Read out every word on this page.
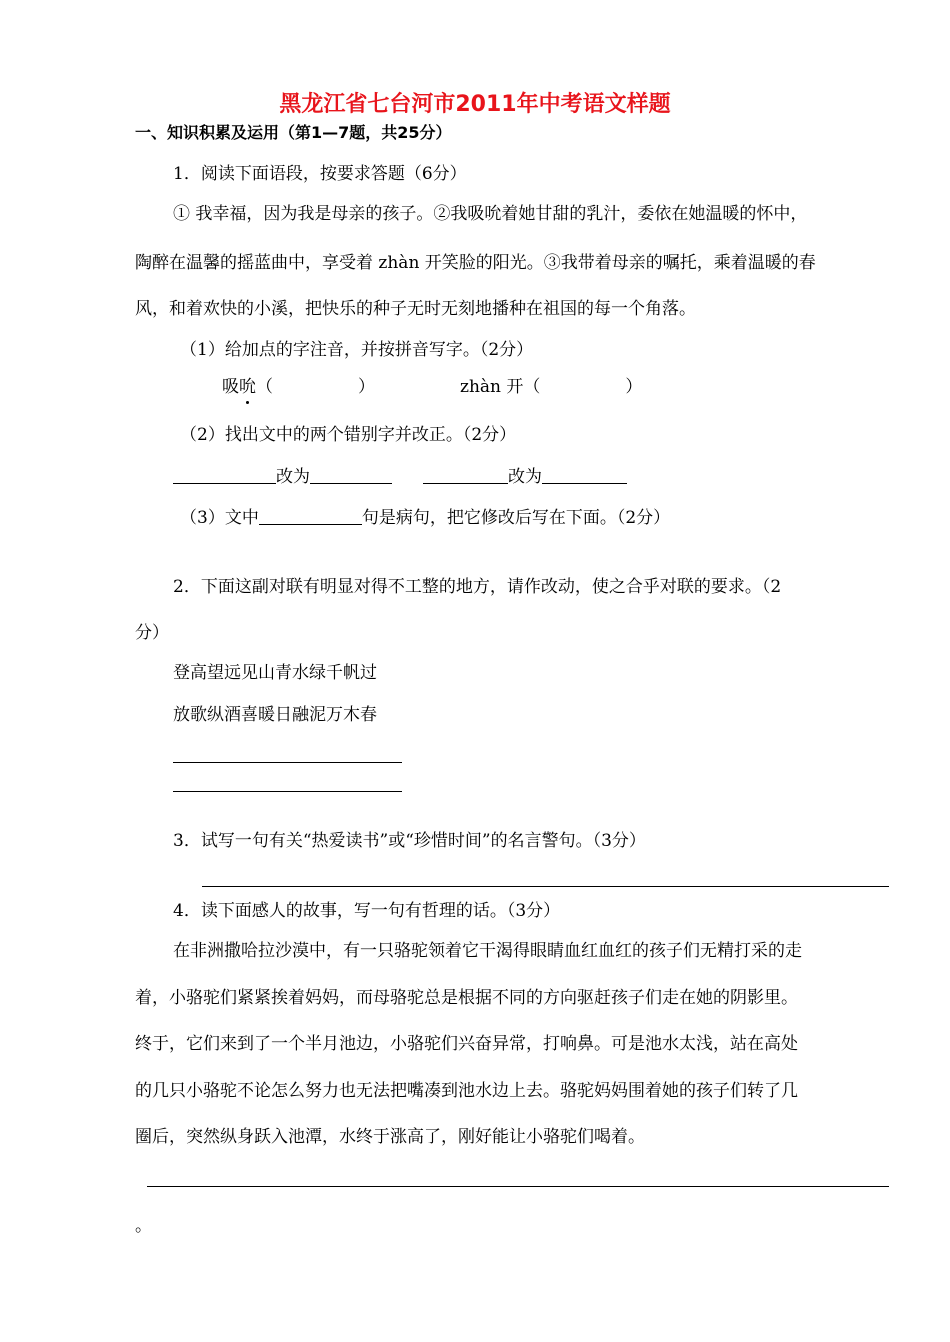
黑龙江省七台河市2011年中考语文样题
一、知识积累及运用（第1—7题，共25分）
1．阅读下面语段，按要求答题（6分）
① 我幸福，因为我是母亲的孩子。②我吸吮着她甘甜的乳汁，委依在她温暖的怀中，
陶醉在温馨的摇蓝曲中，享受着 zhàn 开笑脸的阳光。③我带着母亲的嘱托，乘着温暖的春
风，和着欢快的小溪，把快乐的种子无时无刻地播种在祖国的每一个角落。
（1）给加点的字注音，并按拼音写字。（2分）
吸吮（　　　　　）	zhàn 开（　　　　　）
（2）找出文中的两个错别字并改正。（2分）
改为	改为
（3）文中	句是病句，把它修改后写在下面。（2分）
2．下面这副对联有明显对得不工整的地方，请作改动，使之合乎对联的要求。（2
分）
登高望远见山青水绿千帆过
放歌纵酒喜暖日融泥万木春
3．试写一句有关“热爱读书”或“珍惜时间”的名言警句。（3分）
4．读下面感人的故事，写一句有哲理的话。（3分）
在非洲撒哈拉沙漠中，有一只骆驼领着它干渴得眼睛血红血红的孩子们无精打采的走
着，小骆驼们紧紧挨着妈妈，而母骆驼总是根据不同的方向驱赶孩子们走在她的阴影里。
终于，它们来到了一个半月池边，小骆驼们兴奋异常，打响鼻。可是池水太浅，站在高处
的几只小骆驼不论怎么努力也无法把嘴凑到池水边上去。骆驼妈妈围着她的孩子们转了几
圈后，突然纵身跃入池潭，水终于涨高了，刚好能让小骆驼们喝着。
。
